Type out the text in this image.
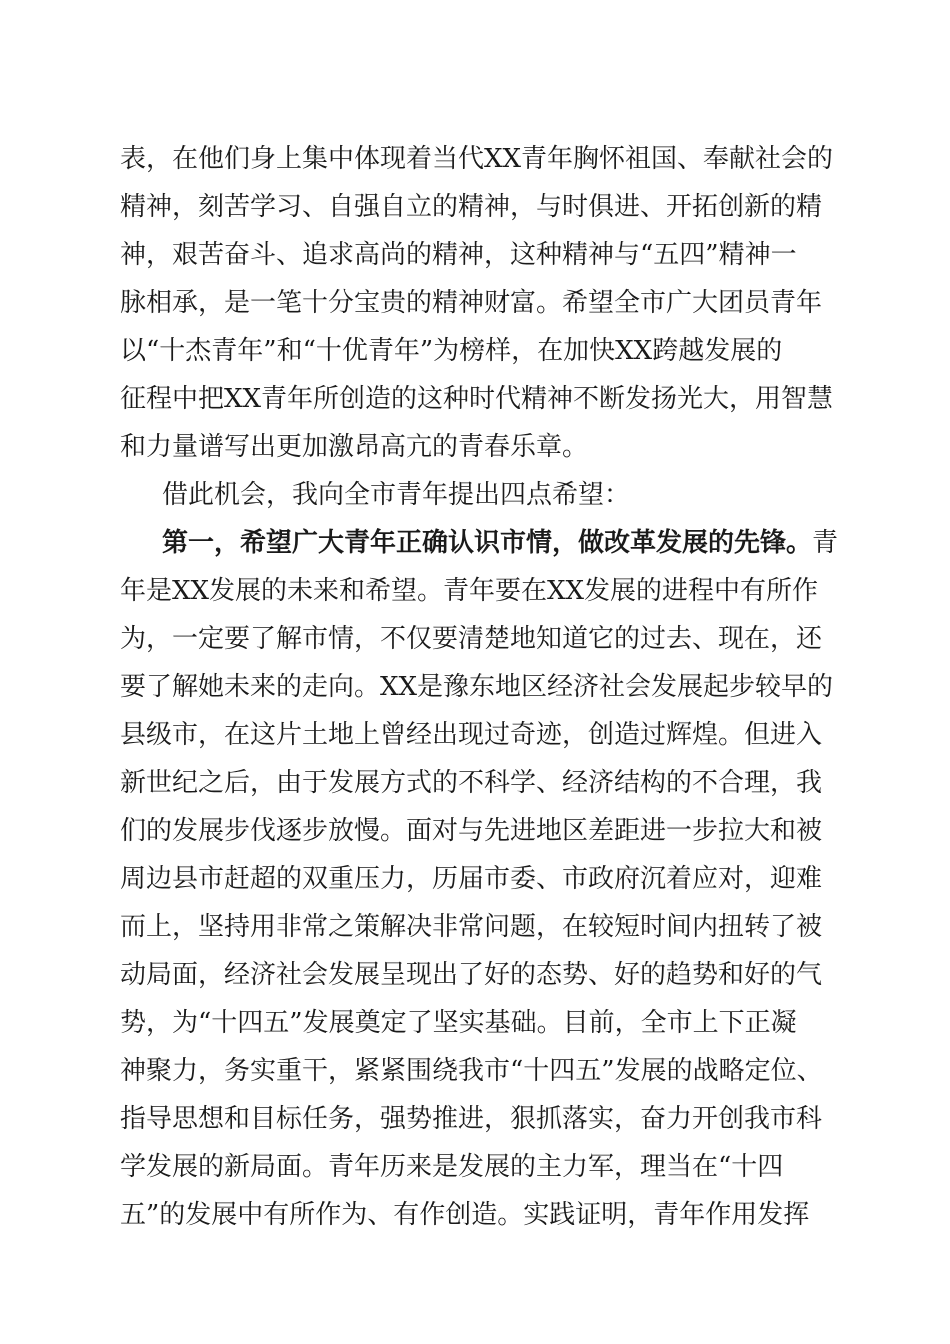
表，在他们身上集中体现着当代XX青年胸怀祖国、奉献社会的
精神，刻苦学习、自强自立的精神，与时俱进、开拓创新的精
神，艰苦奋斗、追求高尚的精神，这种精神与“五四”精神一
脉相承，是一笔十分宝贵的精神财富。希望全市广大团员青年
以“十杰青年”和“十优青年”为榜样，在加快XX跨越发展的
征程中把XX青年所创造的这种时代精神不断发扬光大，用智慧
和力量谱写出更加激昂高亢的青春乐章。
借此机会，我向全市青年提出四点希望：
第一，希望广大青年正确认识市情，做改革发展的先锋。青
年是XX发展的未来和希望。青年要在XX发展的进程中有所作
为，一定要了解市情，不仅要清楚地知道它的过去、现在，还
要了解她未来的走向。XX是豫东地区经济社会发展起步较早的
县级市，在这片土地上曾经出现过奇迹，创造过辉煌。但进入
新世纪之后，由于发展方式的不科学、经济结构的不合理，我
们的发展步伐逐步放慢。面对与先进地区差距进一步拉大和被
周边县市赶超的双重压力，历届市委、市政府沉着应对，迎难
而上，坚持用非常之策解决非常问题，在较短时间内扭转了被
动局面，经济社会发展呈现出了好的态势、好的趋势和好的气
势，为“十四五”发展奠定了坚实基础。目前，全市上下正凝
神聚力，务实重干，紧紧围绕我市“十四五”发展的战略定位、
指导思想和目标任务，强势推进，狠抓落实，奋力开创我市科
学发展的新局面。青年历来是发展的主力军，理当在“十四
五”的发展中有所作为、有作创造。实践证明，青年作用发挥
